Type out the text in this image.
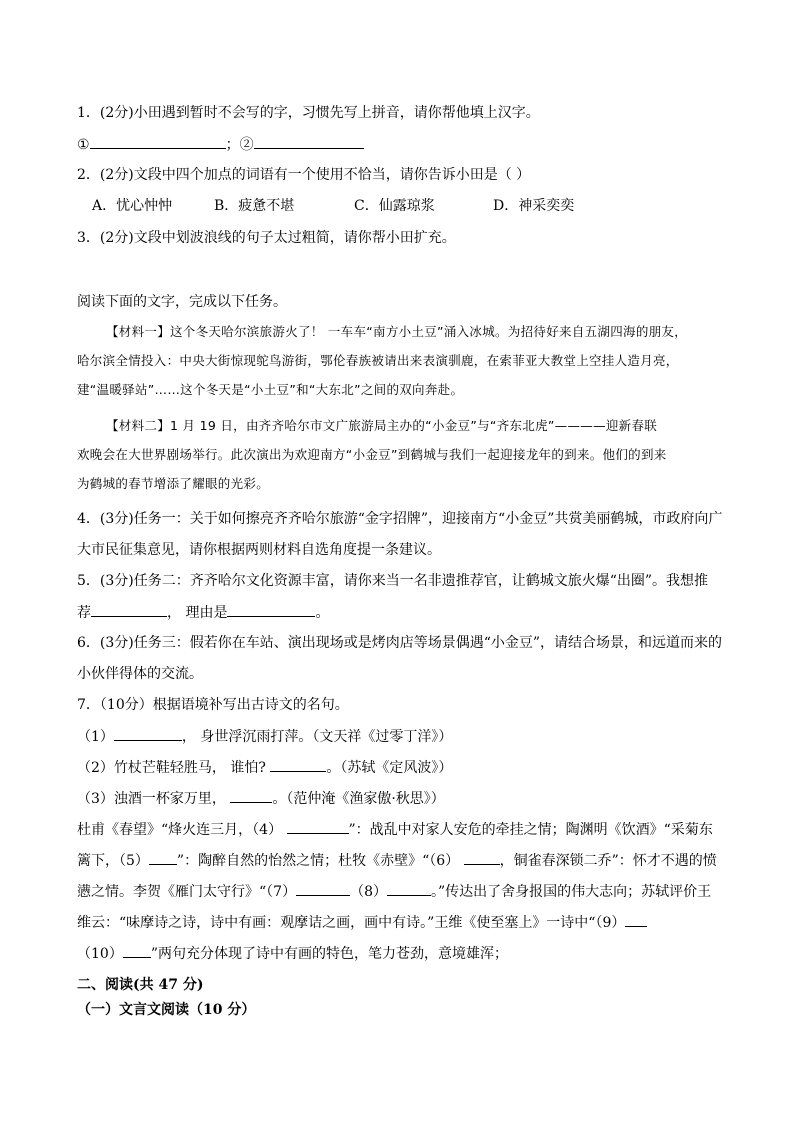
1．(2分)小田遇到暂时不会写的字，习惯先写上拼音，请你帮他填上汉字。
①	；②
2．(2分)文段中四个加点的词语有一个使用不恰当，请你告诉小田是（ ）
A．忧心忡忡	B．疲惫不堪	C．仙露琼浆	D．神采奕奕
3．(2分)文段中划波浪线的句子太过粗简，请你帮小田扩充。
阅读下面的文字，完成以下任务。
【材料一】这个冬天哈尔滨旅游火了！ 一车车“南方小土豆”涌入冰城。为招待好来自五湖四海的朋友，
哈尔滨全情投入：中央大街惊现鸵鸟游街，鄂伦春族被请出来表演驯鹿，在索菲亚大教堂上空挂人造月亮，
建“温暖驿站”……这个冬天是“小土豆”和“大东北”之间的双向奔赴。
【材料二】1 月 19 日，由齐齐哈尔市文广旅游局主办的“小金豆”与“齐东北虎”————迎新春联
欢晚会在大世界剧场举行。此次演出为欢迎南方“小金豆”到鹤城与我们一起迎接龙年的到来。他们的到来
为鹤城的春节增添了耀眼的光彩。
4．(3分)任务一：关于如何擦亮齐齐哈尔旅游“金字招牌”，迎接南方“小金豆”共赏美丽鹤城，市政府向广
大市民征集意见，请你根据两则材料自选角度提一条建议。
5．(3分)任务二：齐齐哈尔文化资源丰富，请你来当一名非遗推荐官，让鹤城文旅火爆“出圈”。我想推
荐	， 理由是	。
6．(3分)任务三：假若你在车站、演出现场或是烤肉店等场景偶遇“小金豆”，请结合场景，和远道而来的
小伙伴得体的交流。
7．（10分）根据语境补写出古诗文的名句。
（1）	， 身世浮沉雨打萍。（文天祥《过零丁洋》）
（2）竹杖芒鞋轻胜马， 谁怕?	。（苏轼《定风波》）
（3）浊酒一杯家万里，	。（范仲淹《渔家傲·秋思》）
杜甫《春望》“烽火连三月，（4）	”：战乱中对家人安危的牵挂之情；陶渊明《饮酒》“采菊东
篱下，（5） ”：陶醉自然的怡然之情；杜牧《赤壁》“（6）	，铜雀春深锁二乔”：怀才不遇的愤
懑之情。李贺《雁门太守行》“（7）	（8）	。”传达出了舍身报国的伟大志向；苏轼评价王
维云：“味摩诗之诗，诗中有画：观摩诘之画，画中有诗。”王维《使至塞上》一诗中“（9）
（10） ”两句充分体现了诗中有画的特色，笔力苍劲，意境雄浑；
二、阅读(共 47 分)
（一）文言文阅读（10 分）
